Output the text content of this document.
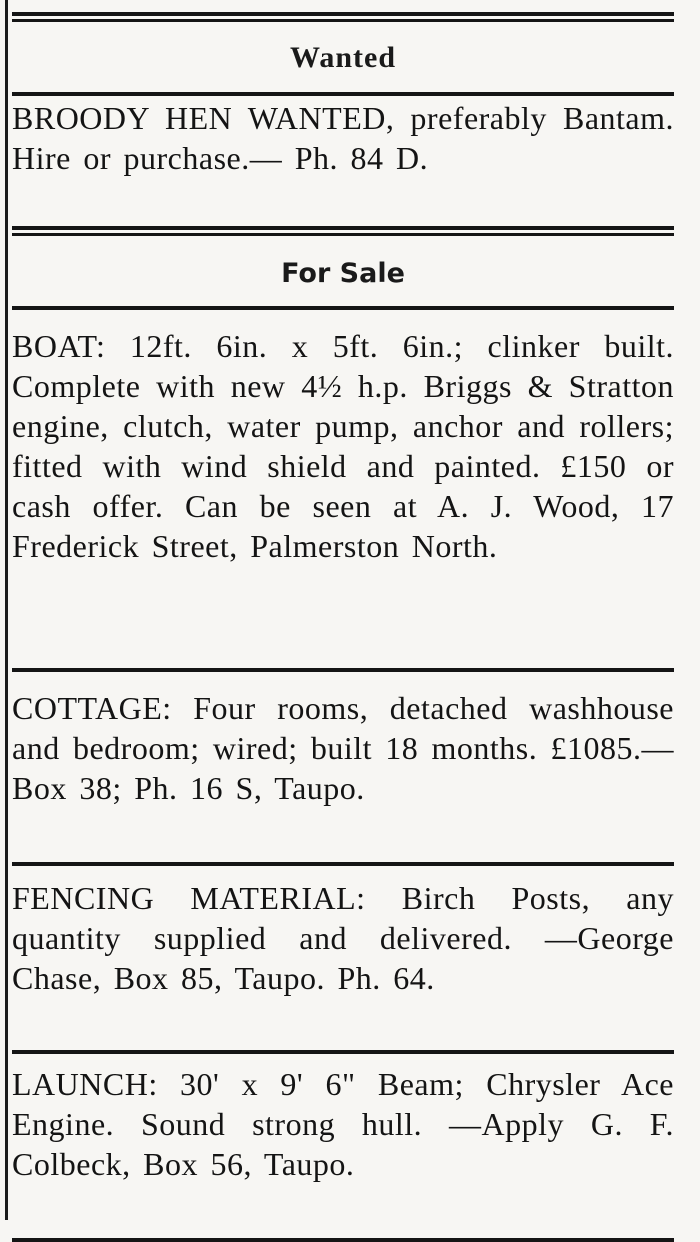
Wanted

BROODY HEN WANTED, preferably Bantam. Hire or purchase.— Ph. 84 D.

For Sale

BOAT: 12ft. 6in. x 5ft. 6in.; clinker built. Complete with new 4½ h.p. Briggs & Stratton engine, clutch, water pump, anchor and rollers; fitted with wind shield and painted. £150 or cash offer. Can be seen at A. J. Wood, 17 Frederick Street, Palmerston North.

COTTAGE: Four rooms, detached washhouse and bedroom; wired; built 18 months. £1085.—Box 38; Ph. 16 S, Taupo.

FENCING MATERIAL: Birch Posts, any quantity supplied and delivered. —George Chase, Box 85, Taupo. Ph. 64.

LAUNCH: 30' x 9' 6" Beam; Chrysler Ace Engine. Sound strong hull. —Apply G. F. Colbeck, Box 56, Taupo.
